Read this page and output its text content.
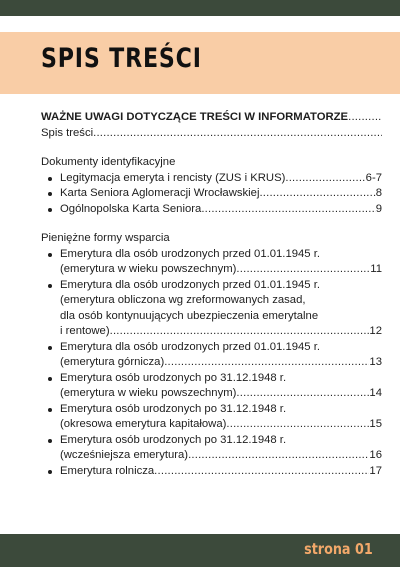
SPIS TREŚCI
WAŻNE UWAGI DOTYCZĄCE TREŚCI W INFORMATORZE
.....
Spis treści
.....
Dokumenty identyfikacyjne
Legitymacja emeryta i rencisty (ZUS i KRUS) .....	6-7
Karta Seniora Aglomeracji Wrocławskiej .....	8
Ogólnopolska Karta Seniora .....	9
Pieniężne formy wsparcia
Emerytura dla osób urodzonych przed 01.01.1945 r.
(emerytura w wieku powszechnym) .....	11
Emerytura dla osób urodzonych przed 01.01.1945 r.
(emerytura obliczona wg zreformowanych zasad,
dla osób kontynuujących ubezpieczenia emerytalne
i rentowe) .....	12
Emerytura dla osób urodzonych przed 01.01.1945 r.
(emerytura górnicza) .....	13
Emerytura osób urodzonych po 31.12.1948 r.
(emerytura w wieku powszechnym) .....	14
Emerytura osób urodzonych po 31.12.1948 r.
(okresowa emerytura kapitałowa) .....	15
Emerytura osób urodzonych po 31.12.1948 r.
(wcześniejsza emerytura) .....	16
Emerytura rolnicza .....	17
strona 01
